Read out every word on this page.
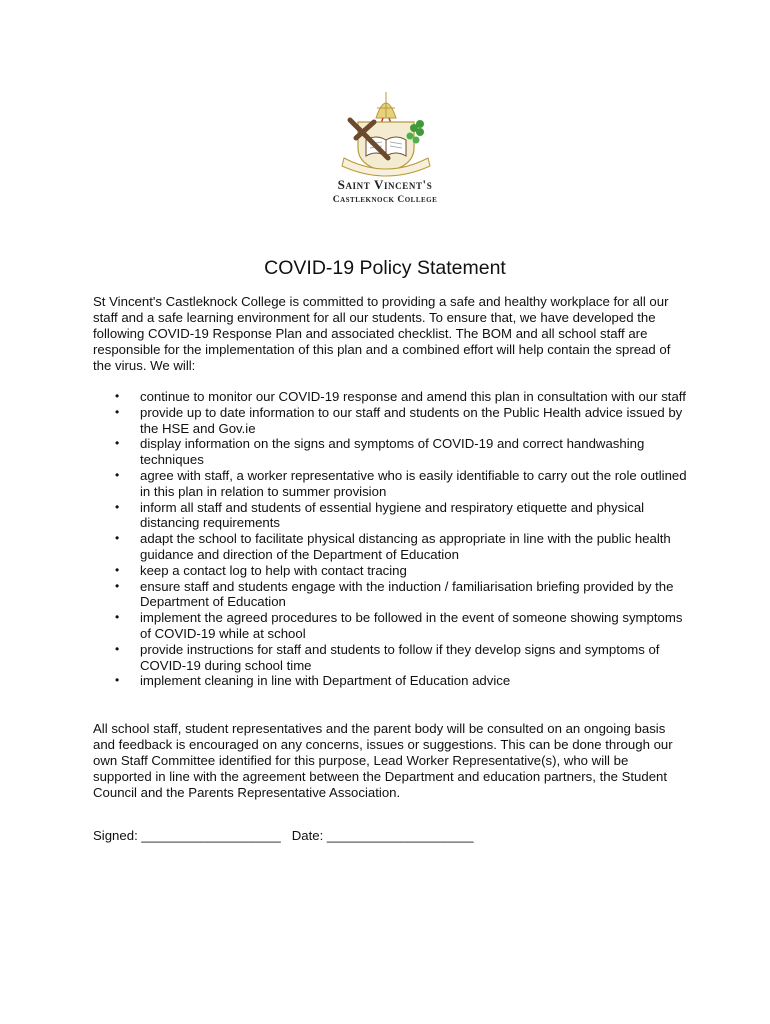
Saint Vincent's
Castleknock College
COVID-19 Policy Statement

St Vincent's Castleknock College is committed to providing a safe and healthy workplace for all our staff and a safe learning environment for all our students. To ensure that, we have developed the following COVID-19 Response Plan and associated checklist. The BOM and all school staff are responsible for the implementation of this plan and a combined effort will help contain the spread of the virus. We will:

• continue to monitor our COVID-19 response and amend this plan in consultation with our staff
• provide up to date information to our staff and students on the Public Health advice issued by the HSE and Gov.ie
• display information on the signs and symptoms of COVID-19 and correct handwashing techniques
• agree with staff, a worker representative who is easily identifiable to carry out the role outlined in this plan in relation to summer provision
• inform all staff and students of essential hygiene and respiratory etiquette and physical distancing requirements
• adapt the school to facilitate physical distancing as appropriate in line with the public health guidance and direction of the Department of Education
• keep a contact log to help with contact tracing
• ensure staff and students engage with the induction / familiarisation briefing provided by the Department of Education
• implement the agreed procedures to be followed in the event of someone showing symptoms of COVID-19 while at school
• provide instructions for staff and students to follow if they develop signs and symptoms of COVID-19 during school time
• implement cleaning in line with Department of Education advice

All school staff, student representatives and the parent body will be consulted on an ongoing basis and feedback is encouraged on any concerns, issues or suggestions. This can be done through our own Staff Committee identified for this purpose, Lead Worker Representative(s), who will be supported in line with the agreement between the Department and education partners, the Student Council and the Parents Representative Association.

Signed: ___________________ Date: ____________________
